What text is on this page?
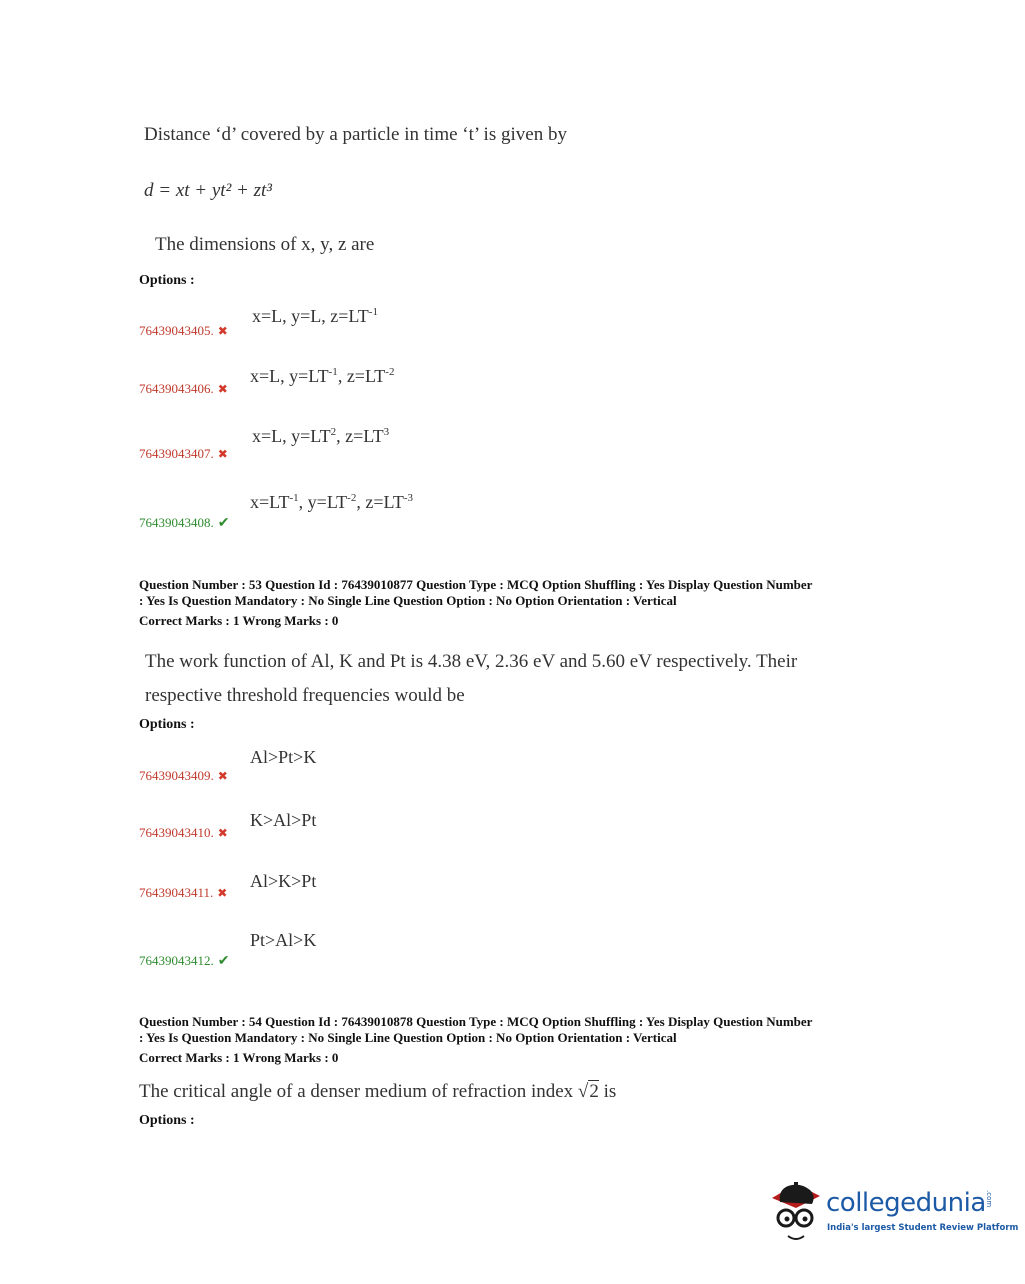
Distance ‘d’ covered by a particle in time ‘t’ is given by
d = xt + yt² + zt³
The dimensions of x, y, z are
Options :
76439043405. ✖
x=L, y=L, $z=LT^{-1}$
76439043406. ✖
x=L, $y=LT^{-1}$, $z=LT^{-2}$
76439043407. ✖
x=L, $y=LT^2$, $z=LT^3$
76439043408. ✔
$x=LT^{-1}$, $y=LT^{-2}$, $z=LT^{-3}$
Question Number : 53 Question Id : 76439010877 Question Type : MCQ Option Shuffling : Yes Display Question Number
: Yes Is Question Mandatory : No Single Line Question Option : No Option Orientation : Vertical
Correct Marks : 1 Wrong Marks : 0
The work function of Al, K and Pt is 4.38 eV, 2.36 eV and 5.60 eV respectively. Their
respective threshold frequencies would be
Options :
76439043409. ✖
Al>Pt>K
76439043410. ✖
K>Al>Pt
76439043411. ✖
Al>K>Pt
76439043412. ✔
Pt>Al>K
Question Number : 54 Question Id : 76439010878 Question Type : MCQ Option Shuffling : Yes Display Question Number
: Yes Is Question Mandatory : No Single Line Question Option : No Option Orientation : Vertical
Correct Marks : 1 Wrong Marks : 0
The critical angle of a denser medium of refraction index √2 is
Options :
collegedunia .com
India's largest Student Review Platform
